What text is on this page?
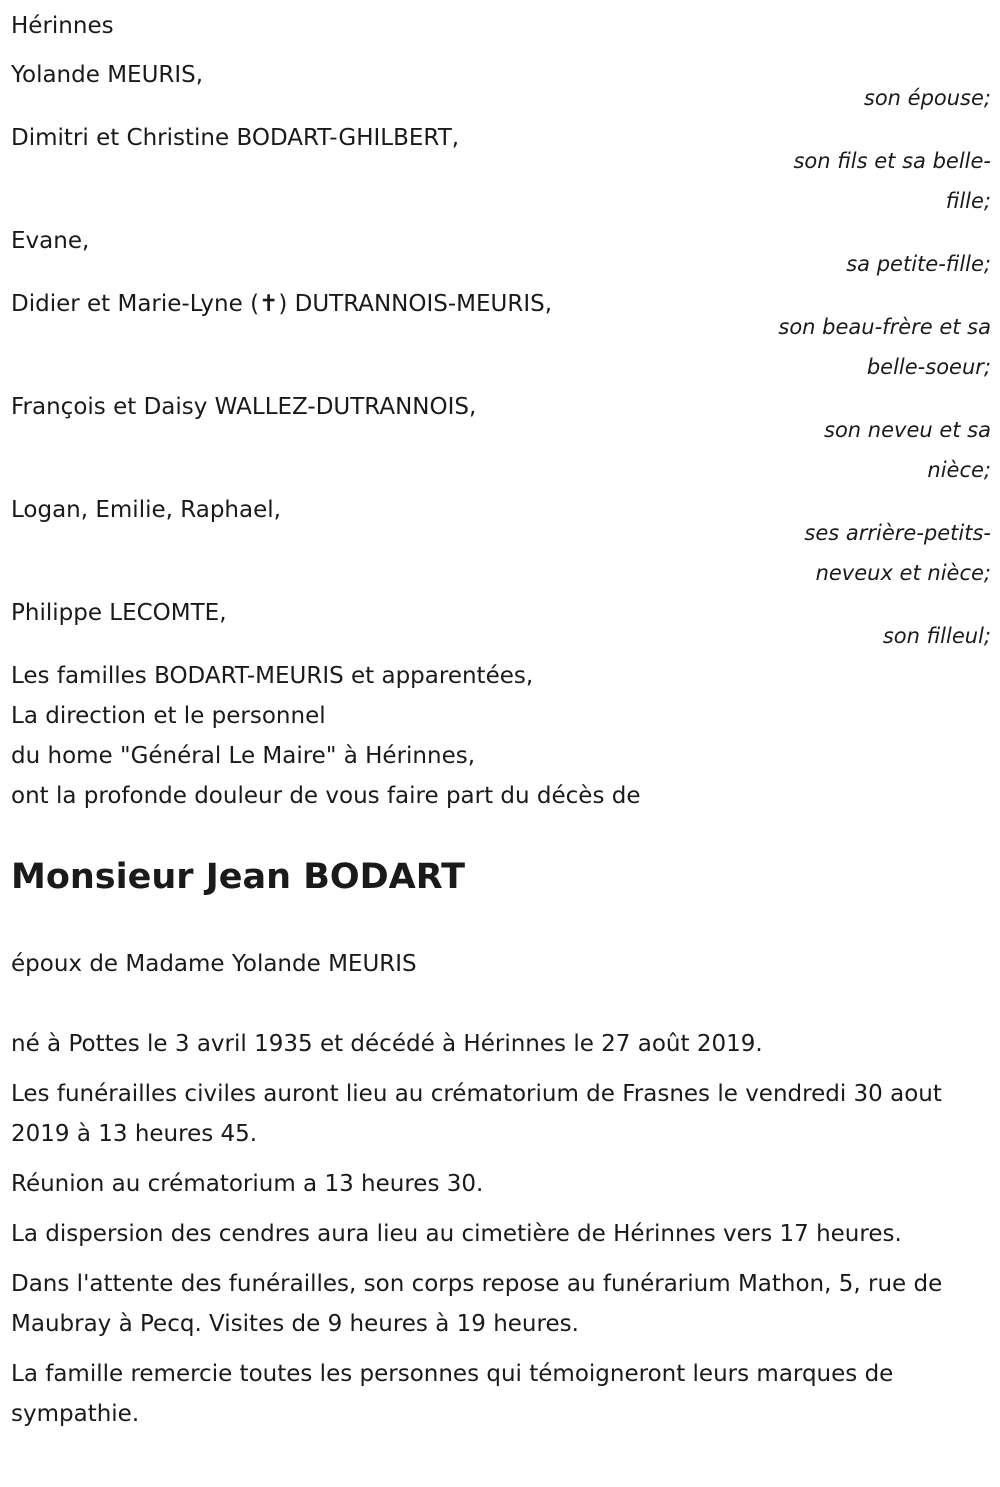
Hérinnes
Yolande MEURIS,
son épouse;
Dimitri et Christine BODART-GHILBERT,
son fils et sa belle-fille;
Evane,
sa petite-fille;
Didier et Marie-Lyne (✝) DUTRANNOIS-MEURIS,
son beau-frère et sa belle-soeur;
François et Daisy WALLEZ-DUTRANNOIS,
son neveu et sa nièce;
Logan, Emilie, Raphael,
ses arrière-petits-neveux et nièce;
Philippe LECOMTE,
son filleul;
Les familles BODART-MEURIS et apparentées,
La direction et le personnel
du home "Général Le Maire" à Hérinnes,
ont la profonde douleur de vous faire part du décès de
Monsieur Jean BODART
époux de Madame Yolande MEURIS
né à Pottes le 3 avril 1935 et décédé à Hérinnes le 27 août 2019.
Les funérailles civiles auront lieu au crématorium de Frasnes le vendredi 30 aout 2019 à 13 heures 45.
Réunion au crématorium a 13 heures 30.
La dispersion des cendres aura lieu au cimetière de Hérinnes vers 17 heures.
Dans l'attente des funérailles, son corps repose au funérarium Mathon, 5, rue de Maubray à Pecq. Visites de 9 heures à 19 heures.
La famille remercie toutes les personnes qui témoigneront leurs marques de sympathie.
